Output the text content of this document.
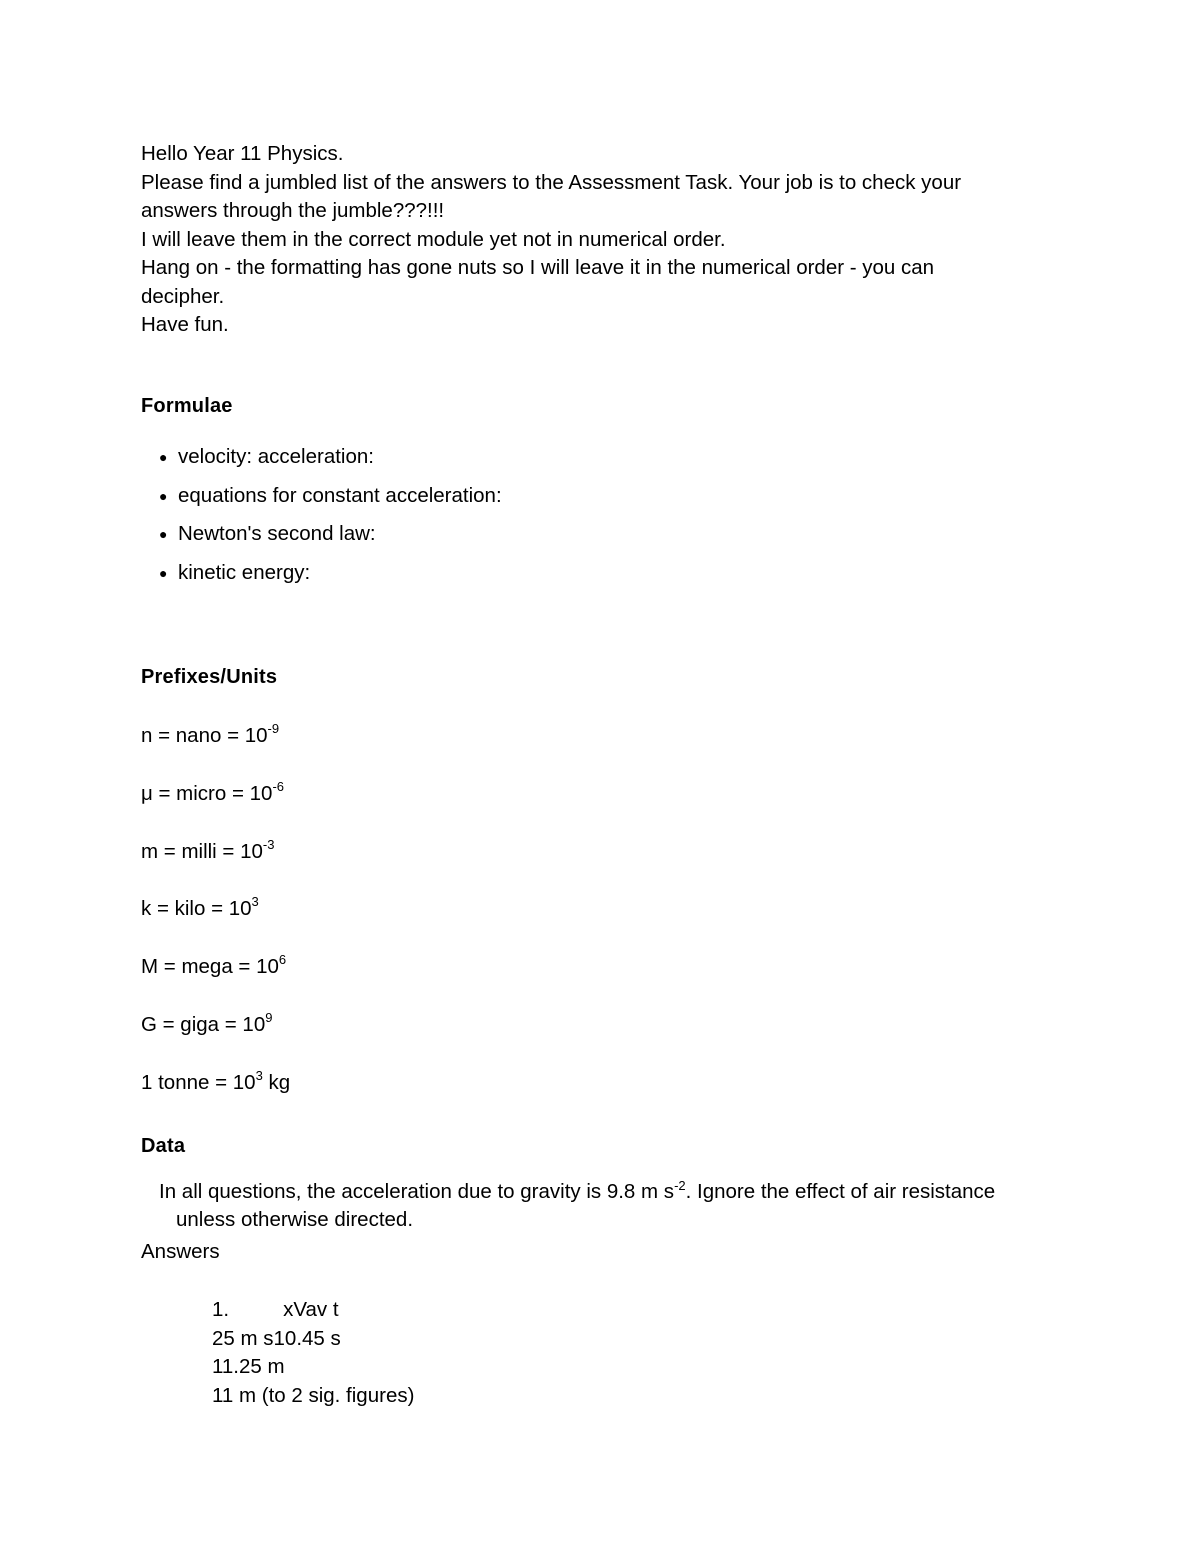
Hello Year 11 Physics.

Please find a jumbled list of the answers to the Assessment Task. Your job is to check your

answers through the jumble???!!!

I will leave them in the correct module yet not in numerical order.

Hang on - the formatting has gone nuts so I will leave it in the numerical order - you can

decipher.

Have fun.

Formulae

● velocity: acceleration:
● equations for constant acceleration:
● Newton's second law:
● kinetic energy:

Prefixes/Units

n = nano = $10^{-9}$

μ = micro = $10^{-6}$

m = milli = $10^{-3}$

k = kilo = $10^3$

M = mega = $10^6$

G = giga = $10^9$

1 tonne = $10^3$ kg

Data

In all questions, the acceleration due to gravity is 9.8 m $s^{-2}$. Ignore the effect of air resistance

unless otherwise directed.

Answers

1.	xVav t

25 m s10.45 s

11.25 m

11 m (to 2 sig. figures)
